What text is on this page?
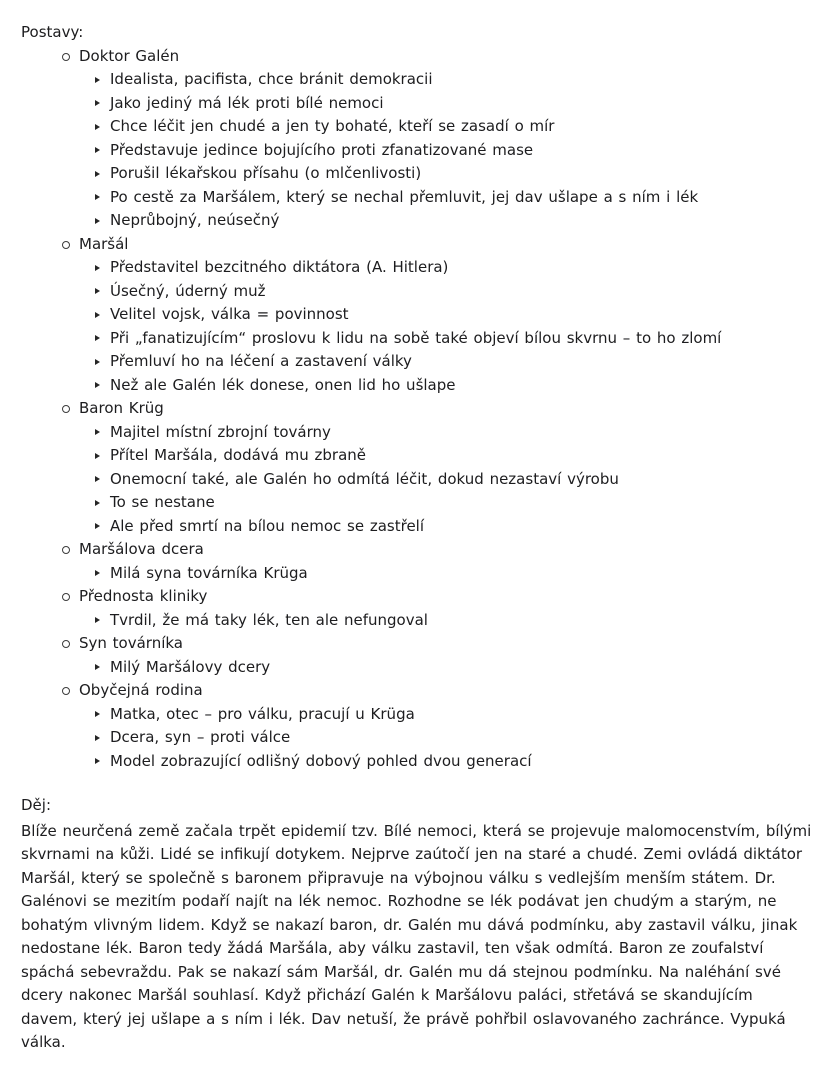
Postavy:
Doktor Galén
Idealista, pacifista, chce bránit demokracii
Jako jediný má lék proti bílé nemoci
Chce léčit jen chudé a jen ty bohaté, kteří se zasadí o mír
Představuje jedince bojujícího proti zfanatizované mase
Porušil lékařskou přísahu (o mlčenlivosti)
Po cestě za Maršálem, který se nechal přemluvit, jej dav ušlape a s ním i lék
Neprůbojný, neúsečný
Maršál
Představitel bezcitného diktátora (A. Hitlera)
Úsečný, úderný muž
Velitel vojsk, válka = povinnost
Při „fanatizujícím“ proslovu k lidu na sobě také objeví bílou skvrnu – to ho zlomí
Přemluví ho na léčení a zastavení války
Než ale Galén lék donese, onen lid ho ušlape
Baron Krüg
Majitel místní zbrojní továrny
Přítel Maršála, dodává mu zbraně
Onemocní také, ale Galén ho odmítá léčit, dokud nezastaví výrobu
To se nestane
Ale před smrtí na bílou nemoc se zastřelí
Maršálova dcera
Milá syna továrníka Krüga
Přednosta kliniky
Tvrdil, že má taky lék, ten ale nefungoval
Syn továrníka
Milý Maršálovy dcery
Obyčejná rodina
Matka, otec – pro válku, pracují u Krüga
Dcera, syn – proti válce
Model zobrazující odlišný dobový pohled dvou generací
Děj:

Blíže neurčená země začala trpět epidemií tzv. Bílé nemoci, která se projevuje malomocenstvím, bílými skvrnami na kůži. Lidé se infikují dotykem. Nejprve zaútočí jen na staré a chudé. Zemi ovládá diktátor Maršál, který se společně s baronem připravuje na výbojnou válku s vedlejším menším státem. Dr. Galénovi se mezitím podaří najít na lék nemoc. Rozhodne se lék podávat jen chudým a starým, ne bohatým vlivným lidem. Když se nakazí baron, dr. Galén mu dává podmínku, aby zastavil válku, jinak nedostane lék. Baron tedy žádá Maršála, aby válku zastavil, ten však odmítá. Baron ze zoufalství spáchá sebevraždu. Pak se nakazí sám Maršál, dr. Galén mu dá stejnou podmínku. Na naléhání své dcery nakonec Maršál souhlasí. Když přichází Galén k Maršálovu paláci, střetává se skandujícím davem, který jej ušlape a s ním i lék. Dav netuší, že právě pohřbil oslavovaného zachránce. Vypuká válka.
